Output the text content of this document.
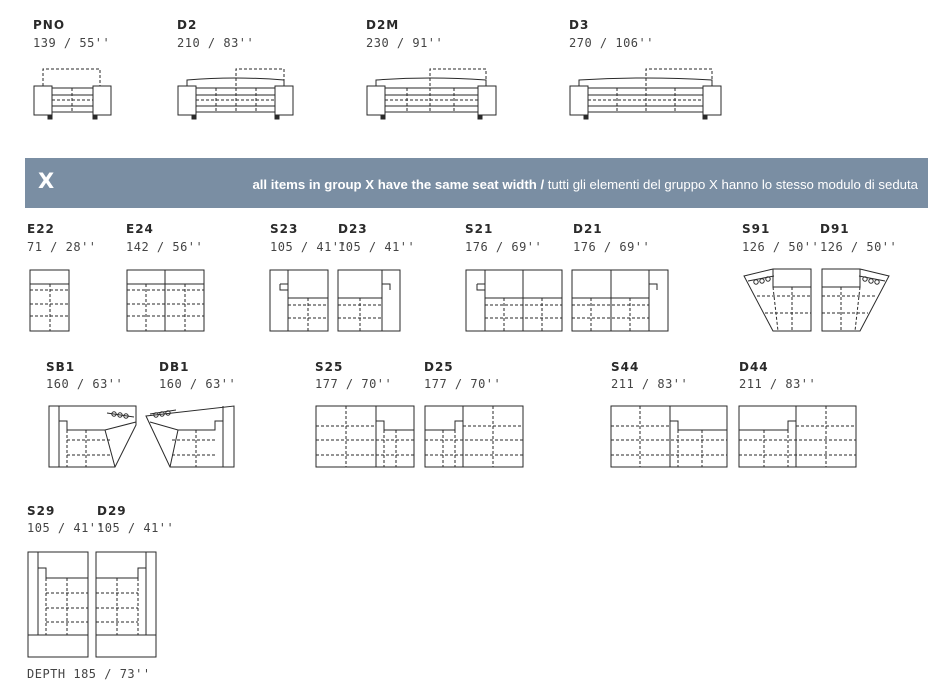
PNO
139 / 55''
D2
210 / 83''
D2M
230 / 91''
D3
270 / 106''
X	all items in group X have the same seat width / tutti gli elementi del gruppo X hanno lo stesso modulo di seduta
E22
71 / 28''
E24
142 / 56''
S23
105 / 41''
D23
105 / 41''
S21
176 / 69''
D21
176 / 69''
S91
126 / 50''
D91
126 / 50''
SB1
160 / 63''
DB1
160 / 63''
S25
177 / 70''
D25
177 / 70''
S44
211 / 83''
D44
211 / 83''
S29
105 / 41''
D29
105 / 41''
DEPTH 185 / 73''
